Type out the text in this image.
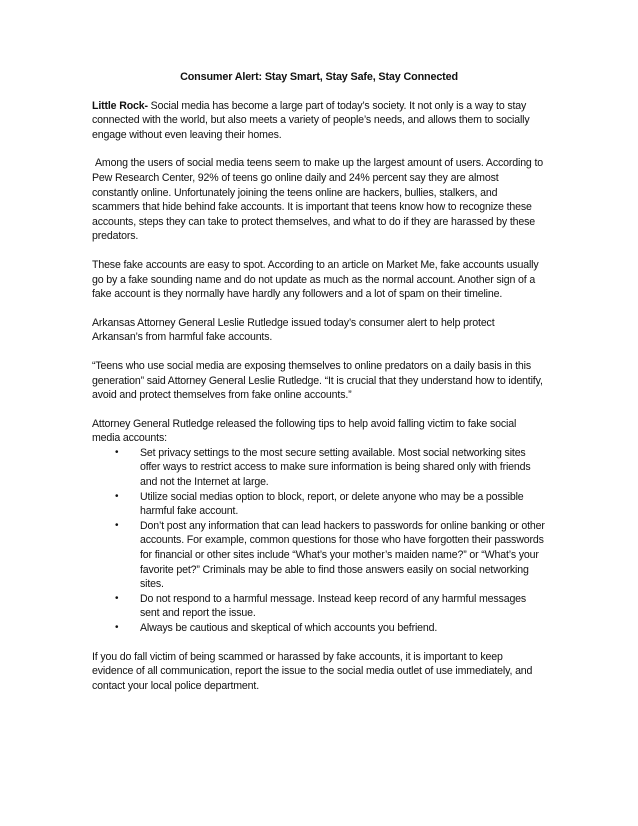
Consumer Alert: Stay Smart, Stay Safe, Stay Connected

Little Rock- Social media has become a large part of today’s society. It not only is a way to stay connected with the world, but also meets a variety of people’s needs, and allows them to socially engage without even leaving their homes.

Among the users of social media teens seem to make up the largest amount of users. According to Pew Research Center, 92% of teens go online daily and 24% percent say they are almost constantly online. Unfortunately joining the teens online are hackers, bullies, stalkers, and scammers that hide behind fake accounts. It is important that teens know how to recognize these accounts, steps they can take to protect themselves, and what to do if they are harassed by these predators.

These fake accounts are easy to spot. According to an article on Market Me, fake accounts usually go by a fake sounding name and do not update as much as the normal account. Another sign of a fake account is they normally have hardly any followers and a lot of spam on their timeline.

Arkansas Attorney General Leslie Rutledge issued today’s consumer alert to help protect Arkansan’s from harmful fake accounts.

“Teens who use social media are exposing themselves to online predators on a daily basis in this generation” said Attorney General Leslie Rutledge. “It is crucial that they understand how to identify, avoid and protect themselves from fake online accounts.”

Attorney General Rutledge released the following tips to help avoid falling victim to fake social media accounts:

• Set privacy settings to the most secure setting available. Most social networking sites offer ways to restrict access to make sure information is being shared only with friends and not the Internet at large.
• Utilize social medias option to block, report, or delete anyone who may be a possible harmful fake account.
• Don’t post any information that can lead hackers to passwords for online banking or other accounts. For example, common questions for those who have forgotten their passwords for financial or other sites include “What’s your mother’s maiden name?” or “What’s your favorite pet?” Criminals may be able to find those answers easily on social networking sites.
• Do not respond to a harmful message. Instead keep record of any harmful messages sent and report the issue.
• Always be cautious and skeptical of which accounts you befriend.

If you do fall victim of being scammed or harassed by fake accounts, it is important to keep evidence of all communication, report the issue to the social media outlet of use immediately, and contact your local police department.
